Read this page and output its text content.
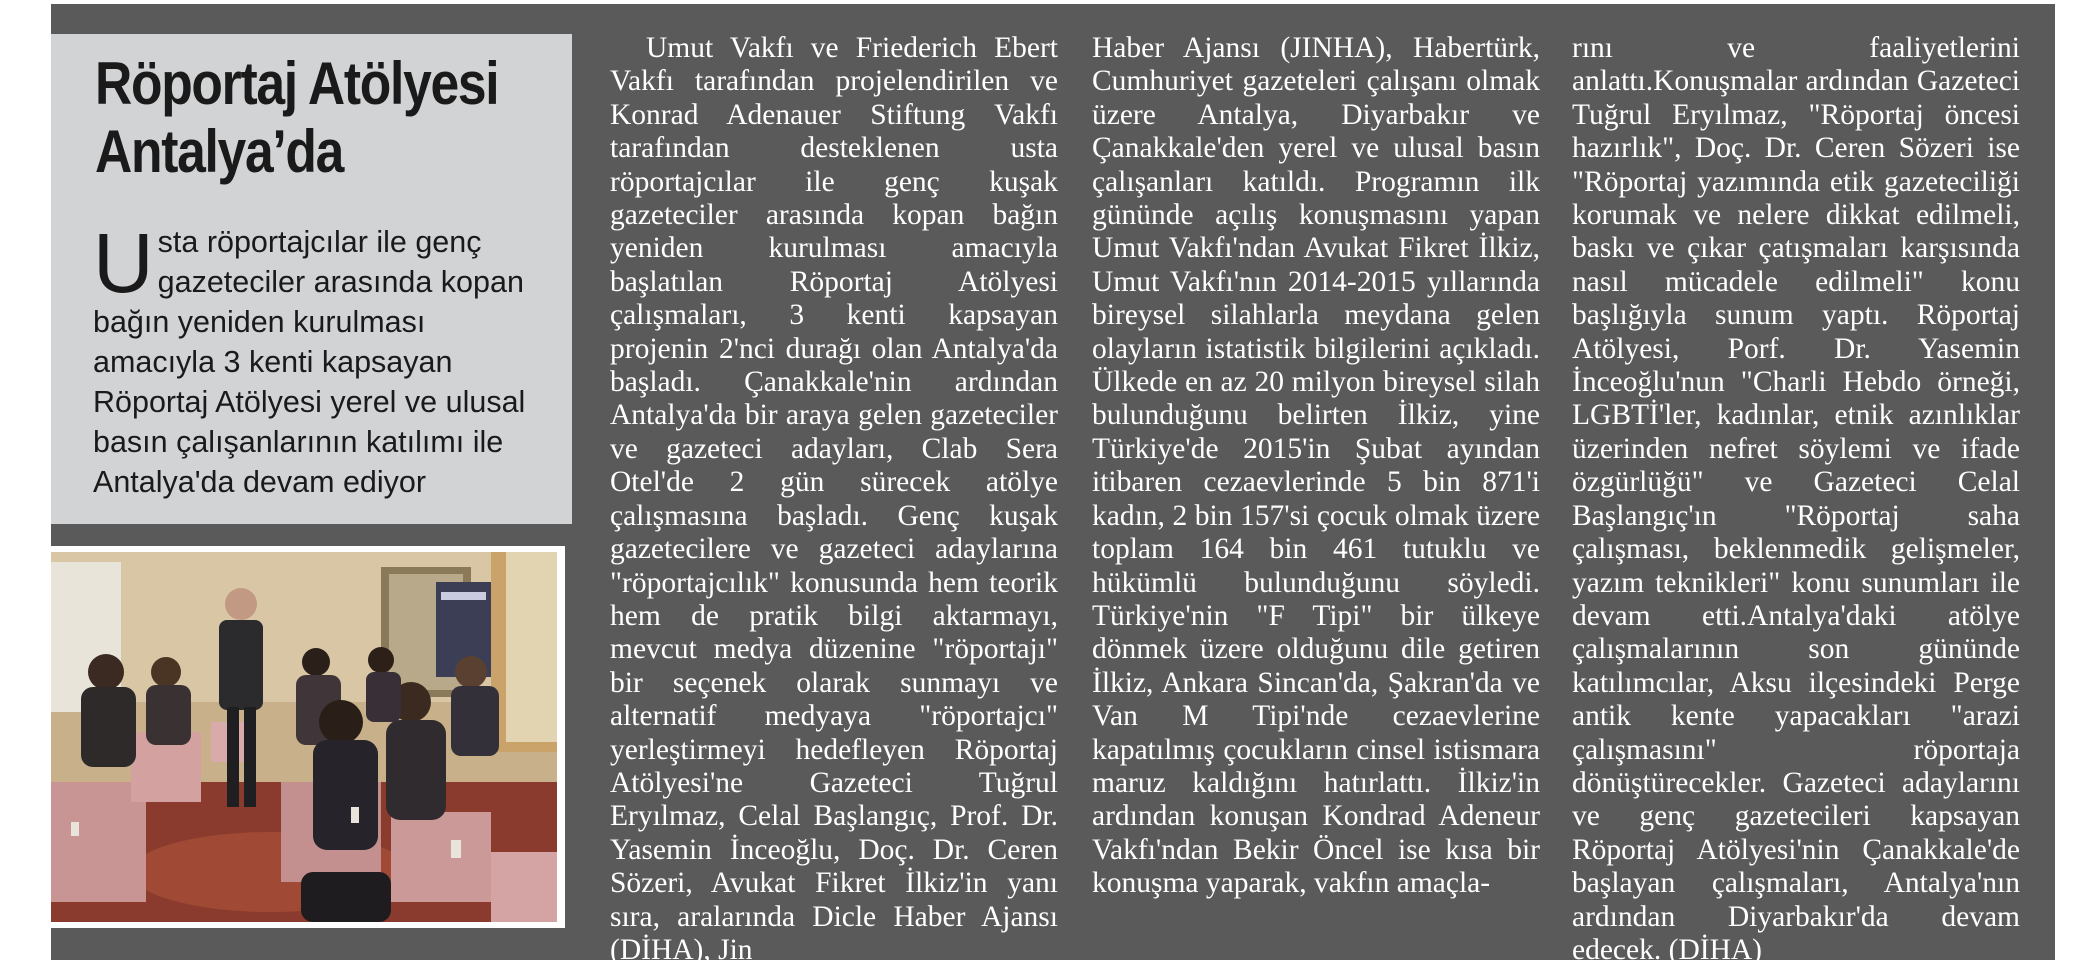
Röportaj Atölyesi
Antalya’da

Usta röportajcılar ile genç gazeteciler arasında kopan bağın yeniden kurulması amacıyla 3 kenti kapsayan Röportaj Atölyesi yerel ve ulusal basın çalışanlarının katılımı ile Antalya'da devam ediyor

Umut Vakfı ve Friederich Ebert Vakfı tarafından projelendirilen ve Konrad Adenauer Stiftung Vakfı tarafından desteklenen usta röportajcılar ile genç kuşak gazeteciler arasında kopan bağın yeniden kurulması amacıyla başlatılan Röportaj Atölyesi çalışmaları, 3 kenti kapsayan projenin 2'nci durağı olan Antalya'da başladı. Çanakkale'nin ardından Antalya'da bir araya gelen gazeteciler ve gazeteci adayları, Clab Sera Otel'de 2 gün sürecek atölye çalışmasına başladı. Genç kuşak gazetecilere ve gazeteci adaylarına "röportajcılık" konusunda hem teorik hem de pratik bilgi aktarmayı, mevcut medya düzenine "röportajı" bir seçenek olarak sunmayı ve alternatif medyaya "röportajcı" yerleştirmeyi hedefleyen Röportaj Atölyesi'ne Gazeteci Tuğrul Eryılmaz, Celal Başlangıç, Prof. Dr. Yasemin İnceoğlu, Doç. Dr. Ceren Sözeri, Avukat Fikret İlkiz'in yanı sıra, aralarında Dicle Haber Ajansı (DİHA), Jin

Haber Ajansı (JINHA), Habertürk, Cumhuriyet gazeteleri çalışanı olmak üzere Antalya, Diyarbakır ve Çanakkale'den yerel ve ulusal basın çalışanları katıldı. Programın ilk gününde açılış konuşmasını yapan Umut Vakfı'ndan Avukat Fikret İlkiz, Umut Vakfı'nın 2014-2015 yıllarında bireysel silahlarla meydana gelen olayların istatistik bilgilerini açıkladı. Ülkede en az 20 milyon bireysel silah bulunduğunu belirten İlkiz, yine Türkiye'de 2015'in Şubat ayından itibaren cezaevlerinde 5 bin 871'i kadın, 2 bin 157'si çocuk olmak üzere toplam 164 bin 461 tutuklu ve hükümlü bulunduğunu söyledi. Türkiye'nin "F Tipi" bir ülkeye dönmek üzere olduğunu dile getiren İlkiz, Ankara Sincan'da, Şakran'da ve Van M Tipi'nde cezaevlerine kapatılmış çocukların cinsel istismara maruz kaldığını hatırlattı. İlkiz'in ardından konuşan Kondrad Adeneur Vakfı'ndan Bekir Öncel ise kısa bir konuşma yaparak, vakfın amaçla-

rını ve faaliyetlerini anlattı.Konuşmalar ardından Gazeteci Tuğrul Eryılmaz, "Röportaj öncesi hazırlık", Doç. Dr. Ceren Sözeri ise "Röportaj yazımında etik gazeteciliği korumak ve nelere dikkat edilmeli, baskı ve çıkar çatışmaları karşısında nasıl mücadele edilmeli" konu başlığıyla sunum yaptı. Röportaj Atölyesi, Porf. Dr. Yasemin İnceoğlu'nun "Charli Hebdo örneği, LGBTİ'ler, kadınlar, etnik azınlıklar üzerinden nefret söylemi ve ifade özgürlüğü" ve Gazeteci Celal Başlangıç'ın "Röportaj saha çalışması, beklenmedik gelişmeler, yazım teknikleri" konu sunumları ile devam etti.Antalya'daki atölye çalışmalarının son gününde katılımcılar, Aksu ilçesindeki Perge antik kente yapacakları "arazi çalışmasını" röportaja dönüştürecekler. Gazeteci adaylarını ve genç gazetecileri kapsayan Röportaj Atölyesi'nin Çanakkale'de başlayan çalışmaları, Antalya'nın ardından Diyarbakır'da devam edecek. (DİHA)
